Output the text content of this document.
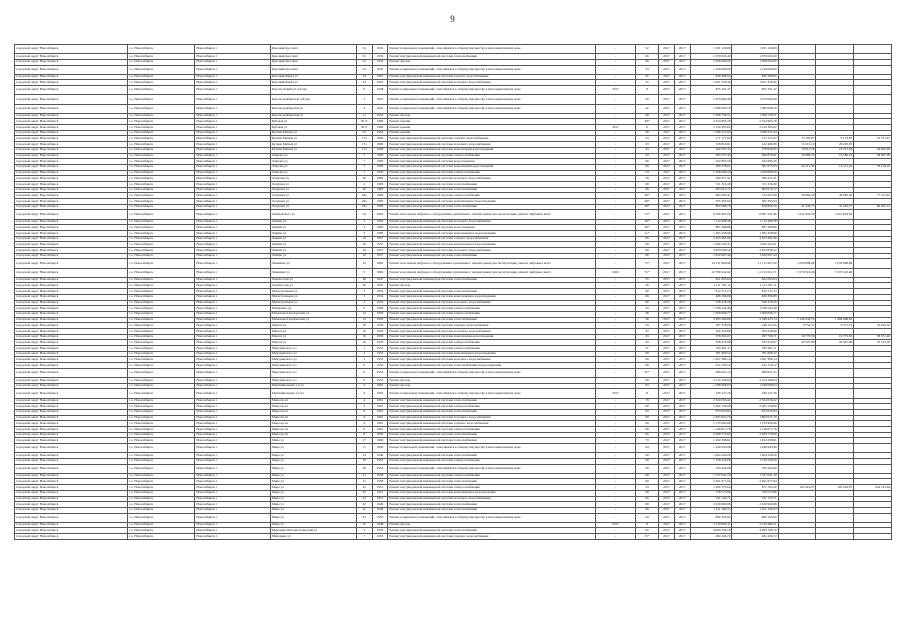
9
городской округ Новосибирск	г.о. Новосибирск	Новосибирск г	Красный проспект	5/1	1934	Ремонт подвальных помещений, относящихся к общему имуществу в многоквартирном доме	-	52	2017	2017	1 181 120,00	1 181 120,00			
городской округ Новосибирск	г.о. Новосибирск	Новосибирск г	Красный проспект	5/1	1932	Ремонт внутридомовой инженерной системы теплоснабжения	-	69	2017	2017	1 079 045,40	1 079 045,40			
городской округ Новосибирск	г.о. Новосибирск	Новосибирск г	Красный проспект	5/1	1932	Ремонт фасада	-	69	2017	2017	1 939 000,00	1 939 000,00			
городской округ Новосибирск	г.о. Новосибирск	Новосибирск г	Красный проспект	5/1	1932	Ремонт подвальных помещений, относящихся к общему имуществу в многоквартирном доме	-	34	2017	2017	1 129 060,00	1 129 060,00			
городской округ Новосибирск	г.о. Новосибирск	Новосибирск г	Красный Факел ул	34	1961	Ремонт внутридомовой инженерной системы горячего водоснабжения	-	45	2017	2017	840 389,95	840 389,95			
городской округ Новосибирск	г.о. Новосибирск	Новосибирск г	Красный Факел ул	34	1961	Ремонт внутридомовой инженерной системы холодного водоснабжения	-	45	2017	2017	1 051 350,40	1 051 350,40			
городской округ Новосибирск	г.о. Новосибирск	Новосибирск г	Краснообский ул 2-й пер	6	1948	Ремонт подвальных помещений, относящихся к общему имуществу в многоквартирном доме	2017	8	2017	2017	825 701,47	825 701,47			
городской округ Новосибирск	г.о. Новосибирск	Новосибирск г	Краснооктябрьская 3-й пер	5	1951	Ремонт подвальных помещений, относящихся к общему имуществу в многоквартирном доме	-	56	2017	2017	1 079 666,40	1 079 666,40			
городской округ Новосибирск	г.о. Новосибирск	Новосибирск г	Краснооктябрьская ул	2	1941	Ремонт подвальных помещений, относящихся к общему имуществу в многоквартирном доме	-	42	2017	2017	1 380 006,76	1 380 006,76			
городской округ Новосибирск	г.о. Новосибирск	Новосибирск г	Краснооктябрьская ул	11	1954	Ремонт фасада	-	49	2017	2017	1 396 730,51	1 396 730,51			
городской округ Новосибирск	г.о. Новосибирск	Новосибирск г	Кубовая ул	81/3	1990	Ремонт крыши	-	48*	2017	2017	2 324 965,29	2 324 965,29			
городской округ Новосибирск	г.о. Новосибирск	Новосибирск г	Кубовая ул	81/2	1990	Ремонт крыши	2017	6	2017	2017	2 120 395,62	2 120 395,62			
городской округ Новосибирск	г.о. Новосибирск	Новосибирск г	Кутина Матвея ул	5/1	1954	Ремонт крыши	-	36	2017	2017	1 386 551,64	1 386 551,64			
городской округ Новосибирск	г.о. Новосибирск	Новосибирск г	Кутина Матвея ул	17а	1960	Ремонт внутридомовой инженерной системы горячего водоснабжения	-	43	2017	2017	171 771,64	151 251,07	13 105,87	9 173,87	16 571,91
городской округ Новосибирск	г.о. Новосибирск	Новосибирск г	Кутина Матвея ул	17а	1960	Ремонт внутридомовой инженерной системы холодного водоснабжения	-	43	2017	2017	158 818,91	142 408,36	15 213,10	20 218,97	
городской округ Новосибирск	г.о. Новосибирск	Новосибирск г	Кутина Матвея ул	17а	1960	Ремонт внутридомовой инженерной системы канализации-водоотведения	-	43	2017	2017	292 567,45	278 956,85	10 815,56	19 515,56	26 902,49
городской округ Новосибирск	г.о. Новосибирск	Новосибирск г	Лаврова ул	7	1960	Ремонт внутридомовой инженерной системы электроснабжения	-	43	2017	2017	304 257,44	266 870,61	10 386,19	19 586,19	38 697,09
городской округ Новосибирск	г.о. Новосибирск	Новосибирск г	Лаврова ул	7	1960	Ремонт внутридомовой инженерной системы водоотведения	-	69	2017	2017	322 695,56	322 695,56			
городской округ Новосибирск	г.о. Новосибирск	Новосибирск г	Лаврова ул	7	1960	Ремонт внутридомовой инженерной системы канализации-водоотведения	-	69	2017	2017	389 278,61	361 673,63	20 112,43	19 112,43	78 129,19
городской округ Новосибирск	г.о. Новосибирск	Новосибирск г	Лаврова ул	1	1950	Ремонт внутридомовой инженерной системы электроснабжения	-	54	2017	2017	1 108 668,20	1 108 668,20			
городской округ Новосибирск	г.о. Новосибирск	Новосибирск г	Лазурная ул	20	1983	Ремонт внутридомовой инженерной системы холодного водоснабжения	-	58	2017	2017	500 471,41	500 471,41			
городской округ Новосибирск	г.о. Новосибирск	Новосибирск г	Лазурная ул	2	1983	Ремонт внутридомовой инженерной системы теплоснабжения	-	69	2017	2017	721 316,30	721 316,30			
городской округ Новосибирск	г.о. Новосибирск	Новосибирск г	Лазурная ул	20	1983	Ремонт внутридомовой инженерной системы теплоснабжения	-	68	2017	2017	603 615,72	603 615,72			
городской округ Новосибирск	г.о. Новосибирск	Новосибирск г	Лазурная ул	26а	1960	Ремонт внутридомовой инженерной системы электроснабжения	-	48*	2017	2017	664 295,41	513 205,20	36 682,20	36 682,20	77 315,42
городской округ Новосибирск	г.о. Новосибирск	Новосибирск г	Лазурная ул	20а	1960	Ремонт внутридомовой инженерной системы канализации и водоотведения	-	48*	2017	2017	505 393,94	505 393,94			
городской округ Новосибирск	г.о. Новосибирск	Новосибирск г	Лазурная ул	20а	1960	Ремонт внутридомовой инженерной системы теплоснабжения	-	48*	2017	2017	800 968,79	678 806,76	41 342,77	41 342,77	82 005,12
городской округ Новосибирск	г.о. Новосибирск	Новосибирск г	Лебедевского ул	2/2	1962	Ремонт или замена лифтового оборудования, признанного непригодным для эксплуатации, ремонт лифтовых шахт	-	75*	2017	2017	8 166 491,04	6 087 241,86	1 041 624,59	1 041 624,59	
городской округ Новосибирск	г.о. Новосибирск	Новосибирск г	Левина ул	3	1985	Ремонт внутридомовой инженерной системы холодного водоснабжения	-	48*	2017	2017	1 112 408,38	1 112 408,38			
городской округ Новосибирск	г.о. Новосибирск	Новосибирск г	Левина ул	3	1985	Ремонт внутридомовой инженерной системы водоотведения	-	48*	2017	2017	897 468,86	897 468,86			
городской округ Новосибирск	г.о. Новосибирск	Новосибирск г	Левина ул	3	1985	Ремонт внутридомовой инженерной системы канализации и водоотведения	-	21*	2017	2017	1 365 458,90	1 365 458,90			
городской округ Новосибирск	г.о. Новосибирск	Новосибирск г	Левина ул	10	1957	Ремонт внутридомовой инженерной системы горячего водоснабжения	-	69	2017	2017	2 423 481,80	2 423 481,80			
городской округ Новосибирск	г.о. Новосибирск	Новосибирск г	Левина ул	10	1957	Ремонт внутридомовой инженерной системы канализации и водоотведения	-	69	2017	2017	1 042 524,31	1 042 524,31			
городской округ Новосибирск	г.о. Новосибирск	Новосибирск г	Левина ул	10	1957	Ремонт внутридомовой инженерной системы холодного водоснабжения	-	69	2017	2017	2 933 649,52	2 933 649,52			
городской округ Новосибирск	г.о. Новосибирск	Новосибирск г	Левина ул	10	1957	Ремонт внутридомовой инженерной системы теплоснабжения	-	69	2017	2017	1 920 697,44	1 920 697,44			
городской округ Новосибирск	г.о. Новосибирск	Новосибирск г	Линейная ул	32	1962	Ремонт или замена лифтового оборудования, признанного непригодным для эксплуатации, ремонт лифтовых шахт	-	75*	2017	2017	14 231 894,84	11 111 997,42	1 059 898,66	1 059 898,66	
городской округ Новосибирск	г.о. Новосибирск	Новосибирск г	Линейная ул	5	1962	Ремонт или замена лифтового оборудования, признанного непригодным для эксплуатации, ремонт лифтовых шахт	2032	75*	2017	2017	22 789 242,64	11 152 621,71	5 576 310,46	5 576 310,46	
городской округ Новосибирск	г.о. Новосибирск	Новосибирск г	Ломоносова ул	46	1947	Ремонт внутридомовой инженерной системы теплоснабжения	-	35	2017	2017	621 095,64	621 095,64			
городской округ Новосибирск	г.о. Новосибирск	Новосибирск г	Ломоносова ул	46	1947	Ремонт фасада	-	26	2017	2017	1 111 781,11	1 111 781,11			
городской округ Новосибирск	г.о. Новосибирск	Новосибирск г	Магистральная ул	3	1954	Ремонт внутридомовой инженерной системы теплоснабжения	-	69	2017	2017	812 715,13	812 715,13			
городской округ Новосибирск	г.о. Новосибирск	Новосибирск г	Магистральная ул	3	1954	Ремонт внутридомовой инженерной системы канализации и водоотведения	-	69	2017	2017	486 396,89	486 396,89			
городской округ Новосибирск	г.о. Новосибирск	Новосибирск г	Магистральная ул	3	1954	Ремонт внутридомовой инженерной системы холодного водоснабжения	-	69	2017	2017	528 478,29	528 478,29			
городской округ Новосибирск	г.о. Новосибирск	Новосибирск г	Макаренко ул	6	1968	Ремонт внутридомовой инженерной системы электроснабжения	-	43	2017	2017	1 338 244,48	1 338 244,48			
городской округ Новосибирск	г.о. Новосибирск	Новосибирск г	Мамонова Героических ул	12	1959	Ремонт внутридомовой инженерной системы электроснабжения	-	36	2017	2017	1 369 006,77	1 369 006,77			
городской округ Новосибирск	г.о. Новосибирск	Новосибирск г	Мамонова Героических ул	12	1959	Ремонт внутридомовой инженерной системы теплоснабжения	-	36	2017	2017	3 695 260,80	2 548 423,74	1 149 243,70	1 499 668,93	
городской округ Новосибирск	г.о. Новосибирск	Новосибирск г	Марата ул	16	1959	Ремонт внутридомовой инженерной системы горячего водоснабжения	-	43	2017	2017	187 278,08	148 121,06	9 754,31	9 371,74	19 814,52
городской округ Новосибирск	г.о. Новосибирск	Новосибирск г	Марата ул	16	1959	Ремонт внутридомовой инженерной системы холодного водоснабжения	-	43	2017	2017	162 226,96	162 226,96			
городской округ Новосибирск	г.о. Новосибирск	Новосибирск г	Марата ул	16	1959	Ремонт внутридомовой инженерной системы канализации-водоотведения	-	43	2017	2017	376 002,07	297 796,71	19 772,56	19 772,56	38 551,46
городской округ Новосибирск	г.о. Новосибирск	Новосибирск г	Марата ул	16	1959	Ремонт внутридомовой инженерной системы электроснабжения	-	43	2017	2017	328 472,80	237 810,67	26 327,90	26 327,90	53 513,56
городской округ Новосибирск	г.о. Новосибирск	Новосибирск г	Мичуринского ул	1	1953	Ремонт внутридомовой инженерной системы электроснабжения	-	37	2017	2017	782 281,11	782 281,11			
городской округ Новосибирск	г.о. Новосибирск	Новосибирск г	Мичуринского ул	2	1953	Ремонт внутридомовой инженерной системы канализации и водоотведения	-	69	2017	2017	781 669,52	781 669,52			
городской округ Новосибирск	г.о. Новосибирск	Новосибирск г	Мичуринского ул	2	1953	Ремонт внутридомовой инженерной системы холодного водоснабжения	-	69	2017	2017	1 627 389,14	1 627 389,14			
городской округ Новосибирск	г.о. Новосибирск	Новосибирск г	Мичуринского ул	6	1953	Ремонт внутридомовой инженерной системы теплоснабжения и водоотведения	-	69	2017	2017	612 159,12	612 159,12			
городской округ Новосибирск	г.о. Новосибирск	Новосибирск г	Мичуринского ул	6	1953	Ремонт подвальных помещений, относящихся к общему имуществу в многоквартирном доме	-	35*	2017	2017	698 631,25	698 631,25			
городской округ Новосибирск	г.о. Новосибирск	Новосибирск г	Мичуринского ул	6	1953	Ремонт фасада	-	69	2017	2017	2 314 196,64	2 314 196,64			
городской округ Новосибирск	г.о. Новосибирск	Новосибирск г	Муниципальная 1-я ул	5	1962	Ремонт фасада	-	63	2017	2017	1 186 008,03	1 186 008,03			
городской округ Новосибирск	г.о. Новосибирск	Новосибирск г	Муниципальная 1-я ул	6	1962	Ремонт подвальных помещений, относящихся к общему имуществу в многоквартирном доме	2017	8	2017	2017	199 127,26	199 127,26			
городской округ Новосибирск	г.о. Новосибирск	Новосибирск г	Мира пр-кт	4	1961	Ремонт внутридомовой инженерной системы теплоснабжения	-	79	2017	2017	2 324 056,42	2 324 056,42			
городской округ Новосибирск	г.о. Новосибирск	Новосибирск г	Мира пр-кт	4	1961	Ремонт внутридомовой инженерной системы электроснабжения	-	69	2017	2017	2 262 129,90	2 262 129,90			
городской округ Новосибирск	г.о. Новосибирск	Новосибирск г	Мира пр-кт	6	1961	Ремонт внутридомовой инженерной системы теплоснабжения	-	63	2017	2017	953 623,84	953 623,84			
городской округ Новосибирск	г.о. Новосибирск	Новосибирск г	Мира пр-кт	6	1961	Ремонт внутридомовой инженерной системы холодного водоснабжения	-	69	2017	2017	1 665 021,79	1 665 021,79			
городской округ Новосибирск	г.о. Новосибирск	Новосибирск г	Мира пр-кт	6	1961	Ремонт внутридомовой инженерной системы горячего водоснабжения	-	69	2017	2017	1 735 902,68	1 735 902,68			
городской округ Новосибирск	г.о. Новосибирск	Новосибирск г	Мира пр-кт	6	1961	Ремонт внутридомовой инженерной системы электроснабжения	-	69	2017	2017	1 148 617,78	1 148 617,78			
городской округ Новосибирск	г.о. Новосибирск	Новосибирск г	Мира пр-кт	8	1956	Ремонт внутридомовой инженерной системы теплоснабжения	-	69	2017	2017	2 508 779,09	2 508 779,09			
городской округ Новосибирск	г.о. Новосибирск	Новосибирск г	Мира ул	17	1960	Ремонт внутридомовой инженерной системы теплоснабжения	-	79	2017	2017	1 022 298,61	1 022 298,61			
городской округ Новосибирск	г.о. Новосибирск	Новосибирск г	Мира ул	17	1960	Ремонт подвальных помещений, относящихся к общему имуществу в многоквартирном доме	-	44	2017	2017	1 249 943,98	1 249 943,98			
городской округ Новосибирск	г.о. Новосибирск	Новосибирск г	Мира ул	14	1949	Ремонт внутридомовой инженерной системы теплоснабжения	-	69	2017	2017	1 004 526,29	1 004 526,29			
городской округ Новосибирск	г.о. Новосибирск	Новосибирск г	Мира ул	18	1953	Ремонт внутридомовой инженерной системы электроснабжения	-	49	2017	2017	1 158 236,08	1 158 236,08			
городской округ Новосибирск	г.о. Новосибирск	Новосибирск г	Мира ул	20	1953	Ремонт подвальных помещений, относящихся к общему имуществу в многоквартирном доме	-	56	2017	2017	763 434,90	763 434,90			
городской округ Новосибирск	г.о. Новосибирск	Новосибирск г	Мира ул	21	1958	Ремонт внутридомовой инженерной системы электроснабжения	-	69	2017	2017	1 727 041,10	1 727 041,10			
городской округ Новосибирск	г.о. Новосибирск	Новосибирск г	Мира ул	21	1958	Ремонт внутридомовой инженерной системы теплоснабжения	-	69	2017	2017	2 491 677,64	2 491 677,64			
городской округ Новосибирск	г.о. Новосибирск	Новосибирск г	Мира ул	22	1951	Ремонт внутридомовой инженерной системы электроснабжения	-	34	2017	2017	1 280 725,64	871 765,42	102 419,97	102 419,97	204 125,64
городской округ Новосибирск	г.о. Новосибирск	Новосибирск г	Мира ул	22	1951	Ремонт внутридомовой инженерной системы канализации и водоотведения	-	69	2017	2017	758 573,86	758 573,86			
городской округ Новосибирск	г.о. Новосибирск	Новосибирск г	Мира ул	22	1951	Ремонт внутридомовой инженерной системы холодного водоснабжения	-	69	2017	2017	741 124,71	741 124,71			
городской округ Новосибирск	г.о. Новосибирск	Новосибирск г	Мира ул	22	1949	Ремонт внутридомовой инженерной системы теплоснабжения	-	69	2017	2017	2 616 990,98	2 616 990,98			
городской округ Новосибирск	г.о. Новосибирск	Новосибирск г	Мира ул	22	1949	Ремонт внутридомовой инженерной системы теплоснабжения	-	69	2017	2017	1 611 164,53	1 611 164,53			
городской округ Новосибирск	г.о. Новосибирск	Новосибирск г	Мира ул	23	1953	Ремонт подвальных помещений, относящихся к общему имуществу в многоквартирном доме	-	44	2017	2017	899 165,92	899 165,92			
городской округ Новосибирск	г.о. Новосибирск	Новосибирск г	Мира ул	25	1948	Ремонт фасада	2017	8	2017	2017	2 210 669,11	2 210 669,11			
городской округ Новосибирск	г.о. Новосибирск	Новосибирск г	Мичурина Вагонестроителей ул	3	1956	Ремонт внутридомовой инженерной системы теплоснабжения	-	69	2017	2017	4 094 706,79	4 094 706,79			
городской округ Новосибирск	г.о. Новосибирск	Новосибирск г	Мичурина ул	7	1953	Ремонт внутридомовой инженерной системы горячего водоснабжения	-	55*	2017	2017	484 166,72	484 166,72			
